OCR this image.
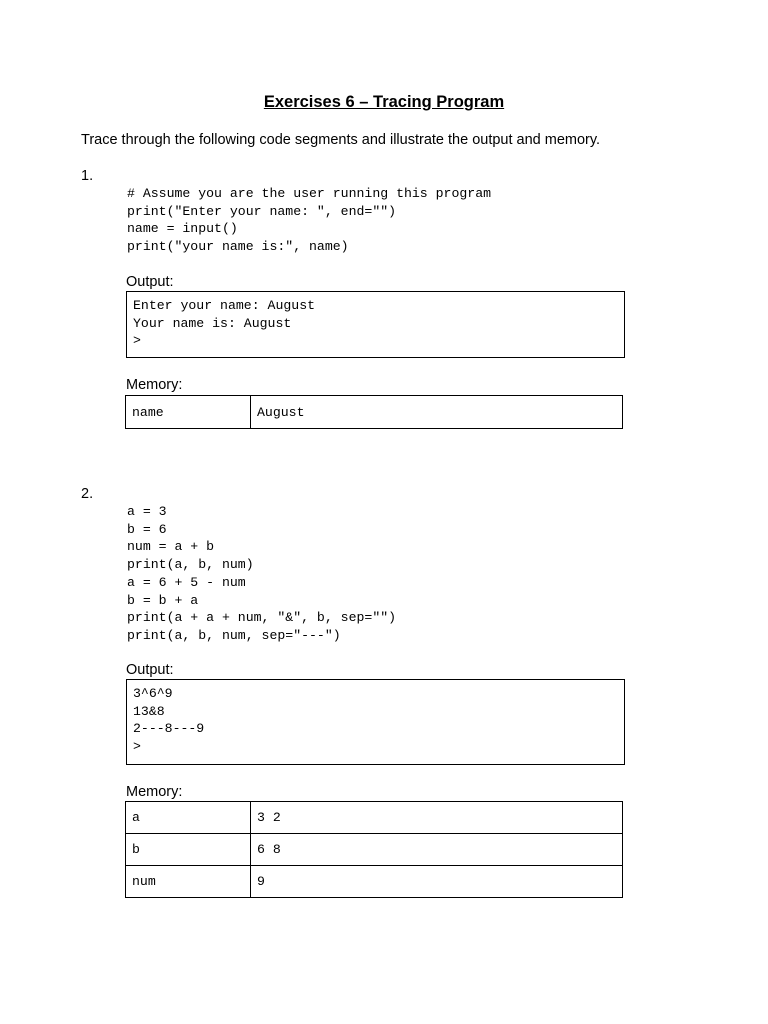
Exercises 6 – Tracing Program
Trace through the following code segments and illustrate the output and memory.
1.
# Assume you are the user running this program
print("Enter your name: ", end="")
name = input()
print("your name is:", name)
Output:
Enter your name: August
Your name is: August
>
Memory:
name	August
2.
a = 3
b = 6
num = a + b
print(a, b, num)
a = 6 + 5 - num
b = b + a
print(a + a + num, "&", b, sep="")
print(a, b, num, sep="---")
Output:
3^6^9
13&8
2---8---9
>
Memory:
a	3 2
b	6 8
num	9
